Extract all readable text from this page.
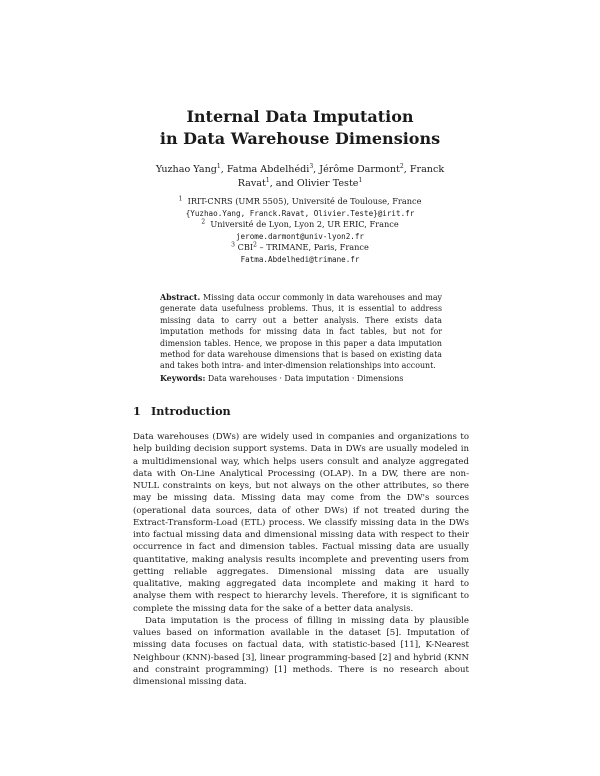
Internal Data Imputation
in Data Warehouse Dimensions
Yuzhao Yang$^1$, Fatma Abdelhédi$^3$, Jérôme Darmont$^2$, Franck Ravat$^1$, and Olivier Teste$^1$
$^1$ IRIT-CNRS (UMR 5505), Université de Toulouse, France
{Yuzhao.Yang, Franck.Ravat, Olivier.Teste}@irit.fr
$^2$ Université de Lyon, Lyon 2, UR ERIC, France
jerome.darmont@univ-lyon2.fr
$^3$ CBI$^2$ – TRIMANE, Paris, France
Fatma.Abdelhedi@trimane.fr
Abstract. Missing data occur commonly in data warehouses and may generate data usefulness problems. Thus, it is essential to address missing data to carry out a better analysis. There exists data imputation methods for missing data in fact tables, but not for dimension tables. Hence, we propose in this paper a data imputation method for data warehouse dimensions that is based on existing data and takes both intra- and inter-dimension relationships into account.
Keywords: Data warehouses · Data imputation · Dimensions
1 Introduction

Data warehouses (DWs) are widely used in companies and organizations to help building decision support systems. Data in DWs are usually modeled in a multidimensional way, which helps users consult and analyze aggregated data with On-Line Analytical Processing (OLAP). In a DW, there are non-NULL constraints on keys, but not always on the other attributes, so there may be missing data. Missing data may come from the DW's sources (operational data sources, data of other DWs) if not treated during the Extract-Transform-Load (ETL) process. We classify missing data in the DWs into factual missing data and dimensional missing data with respect to their occurrence in fact and dimension tables. Factual missing data are usually quantitative, making analysis results incomplete and preventing users from getting reliable aggregates. Dimensional missing data are usually qualitative, making aggregated data incomplete and making it hard to analyse them with respect to hierarchy levels. Therefore, it is significant to complete the missing data for the sake of a better data analysis.

Data imputation is the process of filling in missing data by plausible values based on information available in the dataset [5]. Imputation of missing data focuses on factual data, with statistic-based [11], K-Nearest Neighbour (KNN)-based [3], linear programming-based [2] and hybrid (KNN and constraint programming) [1] methods. There is no research about dimensional missing data.
